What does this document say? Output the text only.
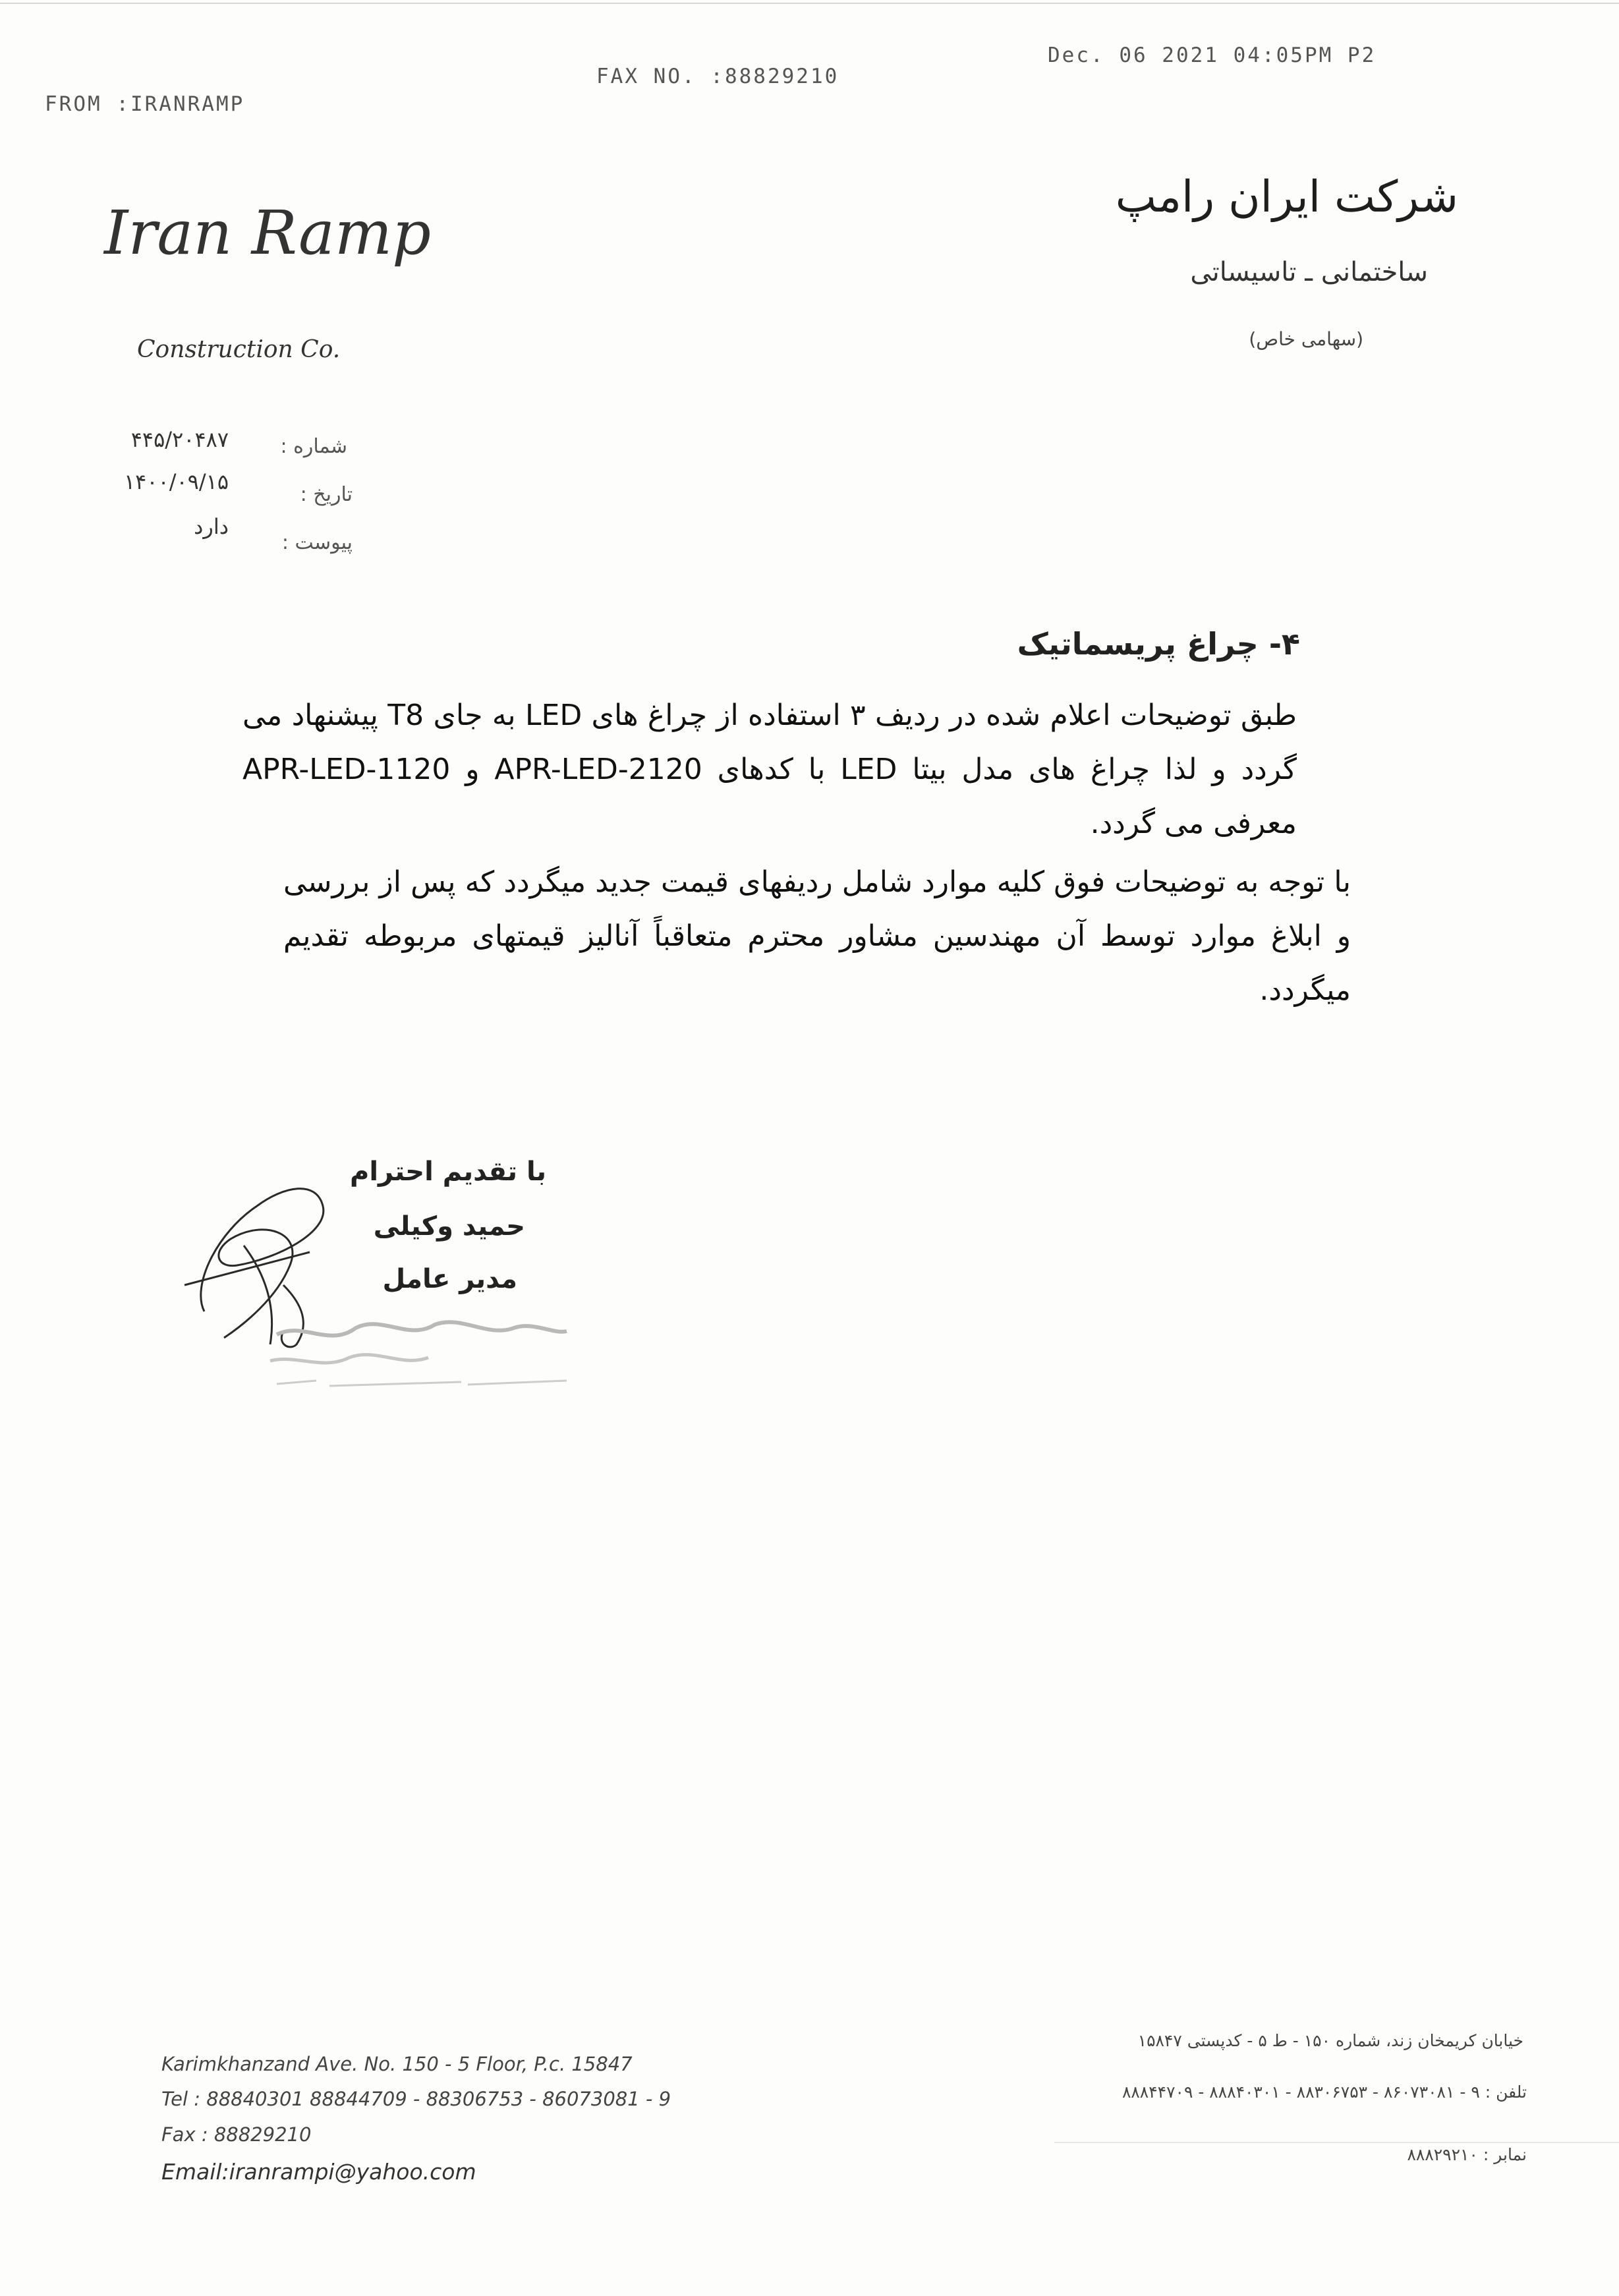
FROM :IRANRAMP
FAX NO. :88829210
Dec. 06 2021 04:05PM P2
Iran Ramp
Construction Co.
شرکت ایران رامپ
ساختمانی ـ تاسیساتی
(سهامی خاص)
شماره :
۴۴۵/۲۰۴۸۷
تاریخ :
۱۴۰۰/۰۹/۱۵
پیوست :
دارد
۴- چراغ پریسماتیک
طبق توضیحات اعلام شده در ردیف ۳ استفاده از چراغ های LED به جای T8 پیشنهاد می گردد و لذا چراغ های مدل بیتا LED با کدهای APR-LED-2120 و APR-LED-1120 معرفی می گردد.
با توجه به توضیحات فوق کلیه موارد شامل ردیفهای قیمت جدید میگردد که پس از بررسی و ابلاغ موارد توسط آن مهندسین مشاور محترم متعاقباً آنالیز قیمتهای مربوطه تقدیم میگردد.
با تقدیم احترام
حمید وکیلی
مدیر عامل
Karimkhanzand Ave. No. 150 - 5 Floor, P.c. 15847
Tel : 88840301 88844709 - 88306753 - 86073081 - 9
Fax : 88829210
Email:iranrampi@yahoo.com
خیابان کریمخان زند، شماره ۱۵۰ - ط ۵ - کدپستی ۱۵۸۴۷
تلفن : ۹ - ۸۶۰۷۳۰۸۱ - ۸۸۳۰۶۷۵۳ - ۸۸۸۴۰۳۰۱ - ۸۸۸۴۴۷۰۹
نمابر : ۸۸۸۲۹۲۱۰
